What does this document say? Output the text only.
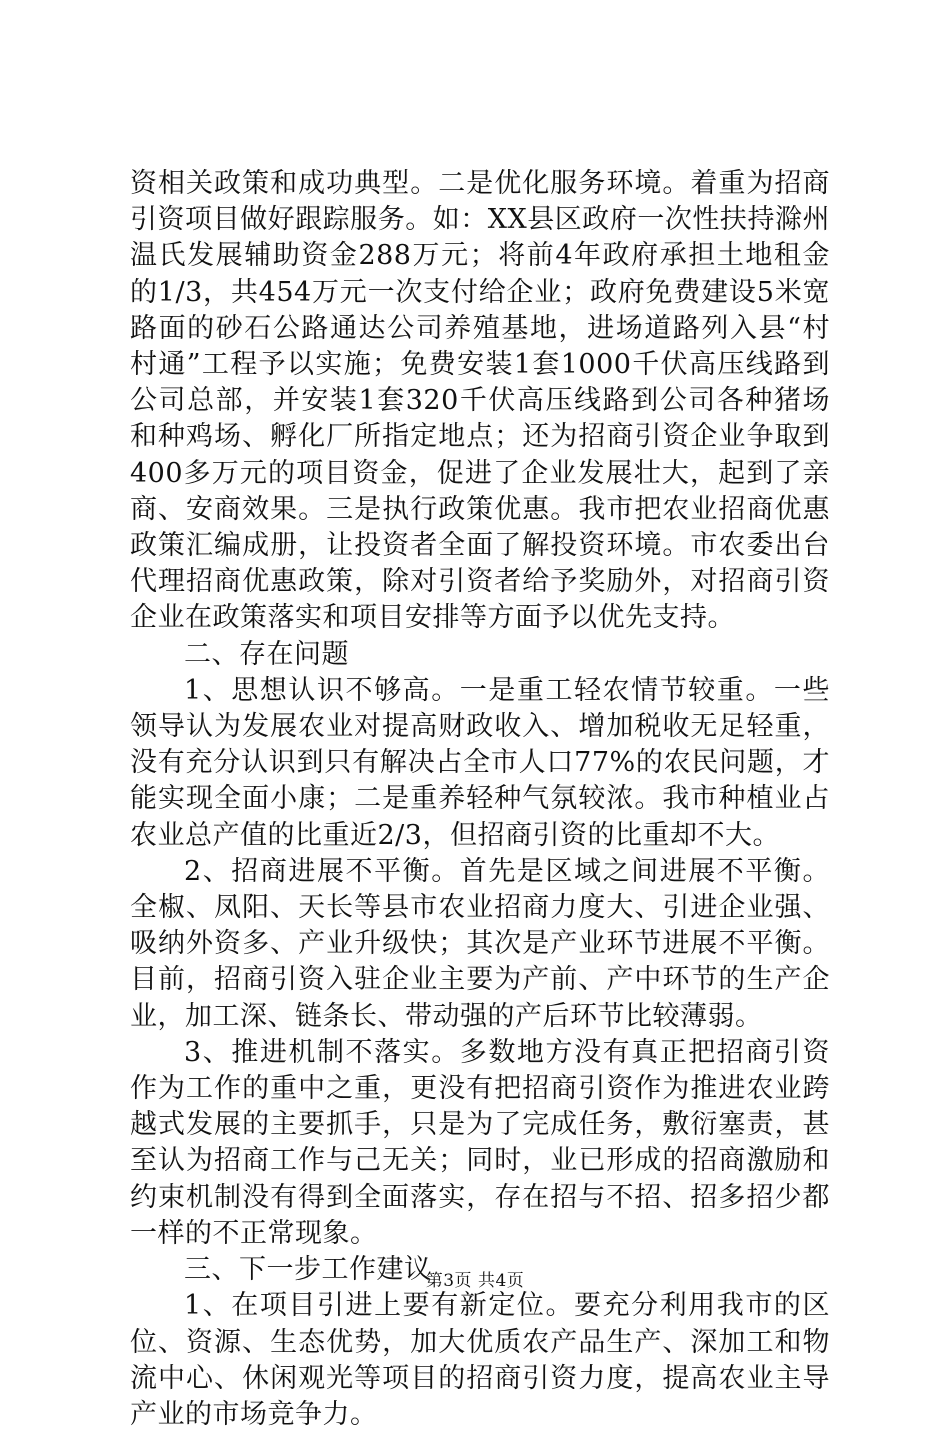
资相关政策和成功典型。二是优化服务环境。着重为招商引资项目做好跟踪服务。如：XX县区政府一次性扶持滁州温氏发展辅助资金288万元；将前4年政府承担土地租金的1/3，共454万元一次支付给企业；政府免费建设5米宽路面的砂石公路通达公司养殖基地，进场道路列入县“村村通”工程予以实施；免费安装1套1000千伏高压线路到公司总部，并安装1套320千伏高压线路到公司各种猪场和种鸡场、孵化厂所指定地点；还为招商引资企业争取到400多万元的项目资金，促进了企业发展壮大，起到了亲商、安商效果。三是执行政策优惠。我市把农业招商优惠政策汇编成册，让投资者全面了解投资环境。市农委出台代理招商优惠政策，除对引资者给予奖励外，对招商引资企业在政策落实和项目安排等方面予以优先支持。

二、存在问题

1、思想认识不够高。一是重工轻农情节较重。一些领导认为发展农业对提高财政收入、增加税收无足轻重，没有充分认识到只有解决占全市人口77%的农民问题，才能实现全面小康；二是重养轻种气氛较浓。我市种植业占农业总产值的比重近2/3，但招商引资的比重却不大。

2、招商进展不平衡。首先是区域之间进展不平衡。全椒、凤阳、天长等县市农业招商力度大、引进企业强、吸纳外资多、产业升级快；其次是产业环节进展不平衡。目前，招商引资入驻企业主要为产前、产中环节的生产企业，加工深、链条长、带动强的产后环节比较薄弱。

3、推进机制不落实。多数地方没有真正把招商引资作为工作的重中之重，更没有把招商引资作为推进农业跨越式发展的主要抓手，只是为了完成任务，敷衍塞责，甚至认为招商工作与己无关；同时，业已形成的招商激励和约束机制没有得到全面落实，存在招与不招、招多招少都一样的不正常现象。

三、下一步工作建议

1、在项目引进上要有新定位。要充分利用我市的区位、资源、生态优势，加大优质农产品生产、深加工和物流中心、休闲观光等项目的招商引资力度，提高农业主导产业的市场竞争力。

第3页 共4页
